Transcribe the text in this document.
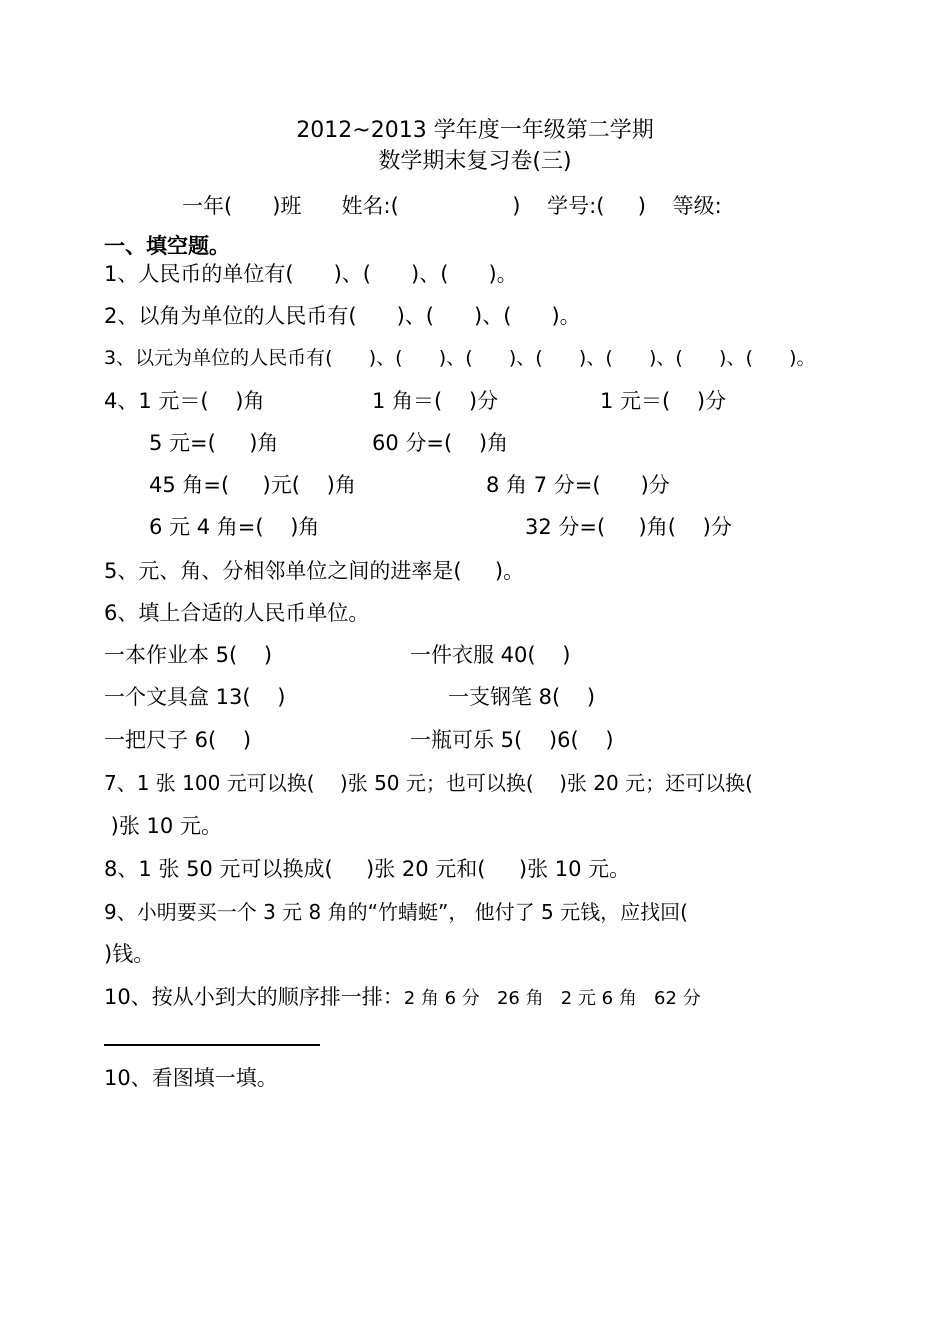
2012~2013 学年度一年级第二学期
数学期末复习卷(三)
一年(      )班      姓名:(                 )    学号:(     )    等级:
一、填空题。
1、人民币的单位有(      )、(      )、(      )。
2、以角为单位的人民币有(      )、(      )、(      )。
3、以元为单位的人民币有(      )、(      )、(      )、(      )、(      )、(      )、(      )。
4、1 元＝(    )角	1 角＝(    )分	1 元＝(    )分
5 元=(     )角	60 分=(    )角
45 角=(     )元(    )角	8 角 7 分=(      )分
6 元 4 角=(    )角	32 分=(     )角(    )分
5、元、角、分相邻单位之间的进率是(     )。
6、填上合适的人民币单位。
一本作业本 5(    )	一件衣服 40(    )
一个文具盒 13(    )	一支钢笔 8(    )
一把尺子 6(    )	一瓶可乐 5(    )6(    )
7、1 张 100 元可以换(    )张 50 元；也可以换(    )张 20 元；还可以换(
)张 10 元。
8、1 张 50 元可以换成(     )张 20 元和(     )张 10 元。
9、小明要买一个 3 元 8 角的“竹蜻蜓”， 他付了 5 元钱，应找回(
)钱。
10、按从小到大的顺序排一排：2 角 6 分   26 角   2 元 6 角   62 分
10、看图填一填。
